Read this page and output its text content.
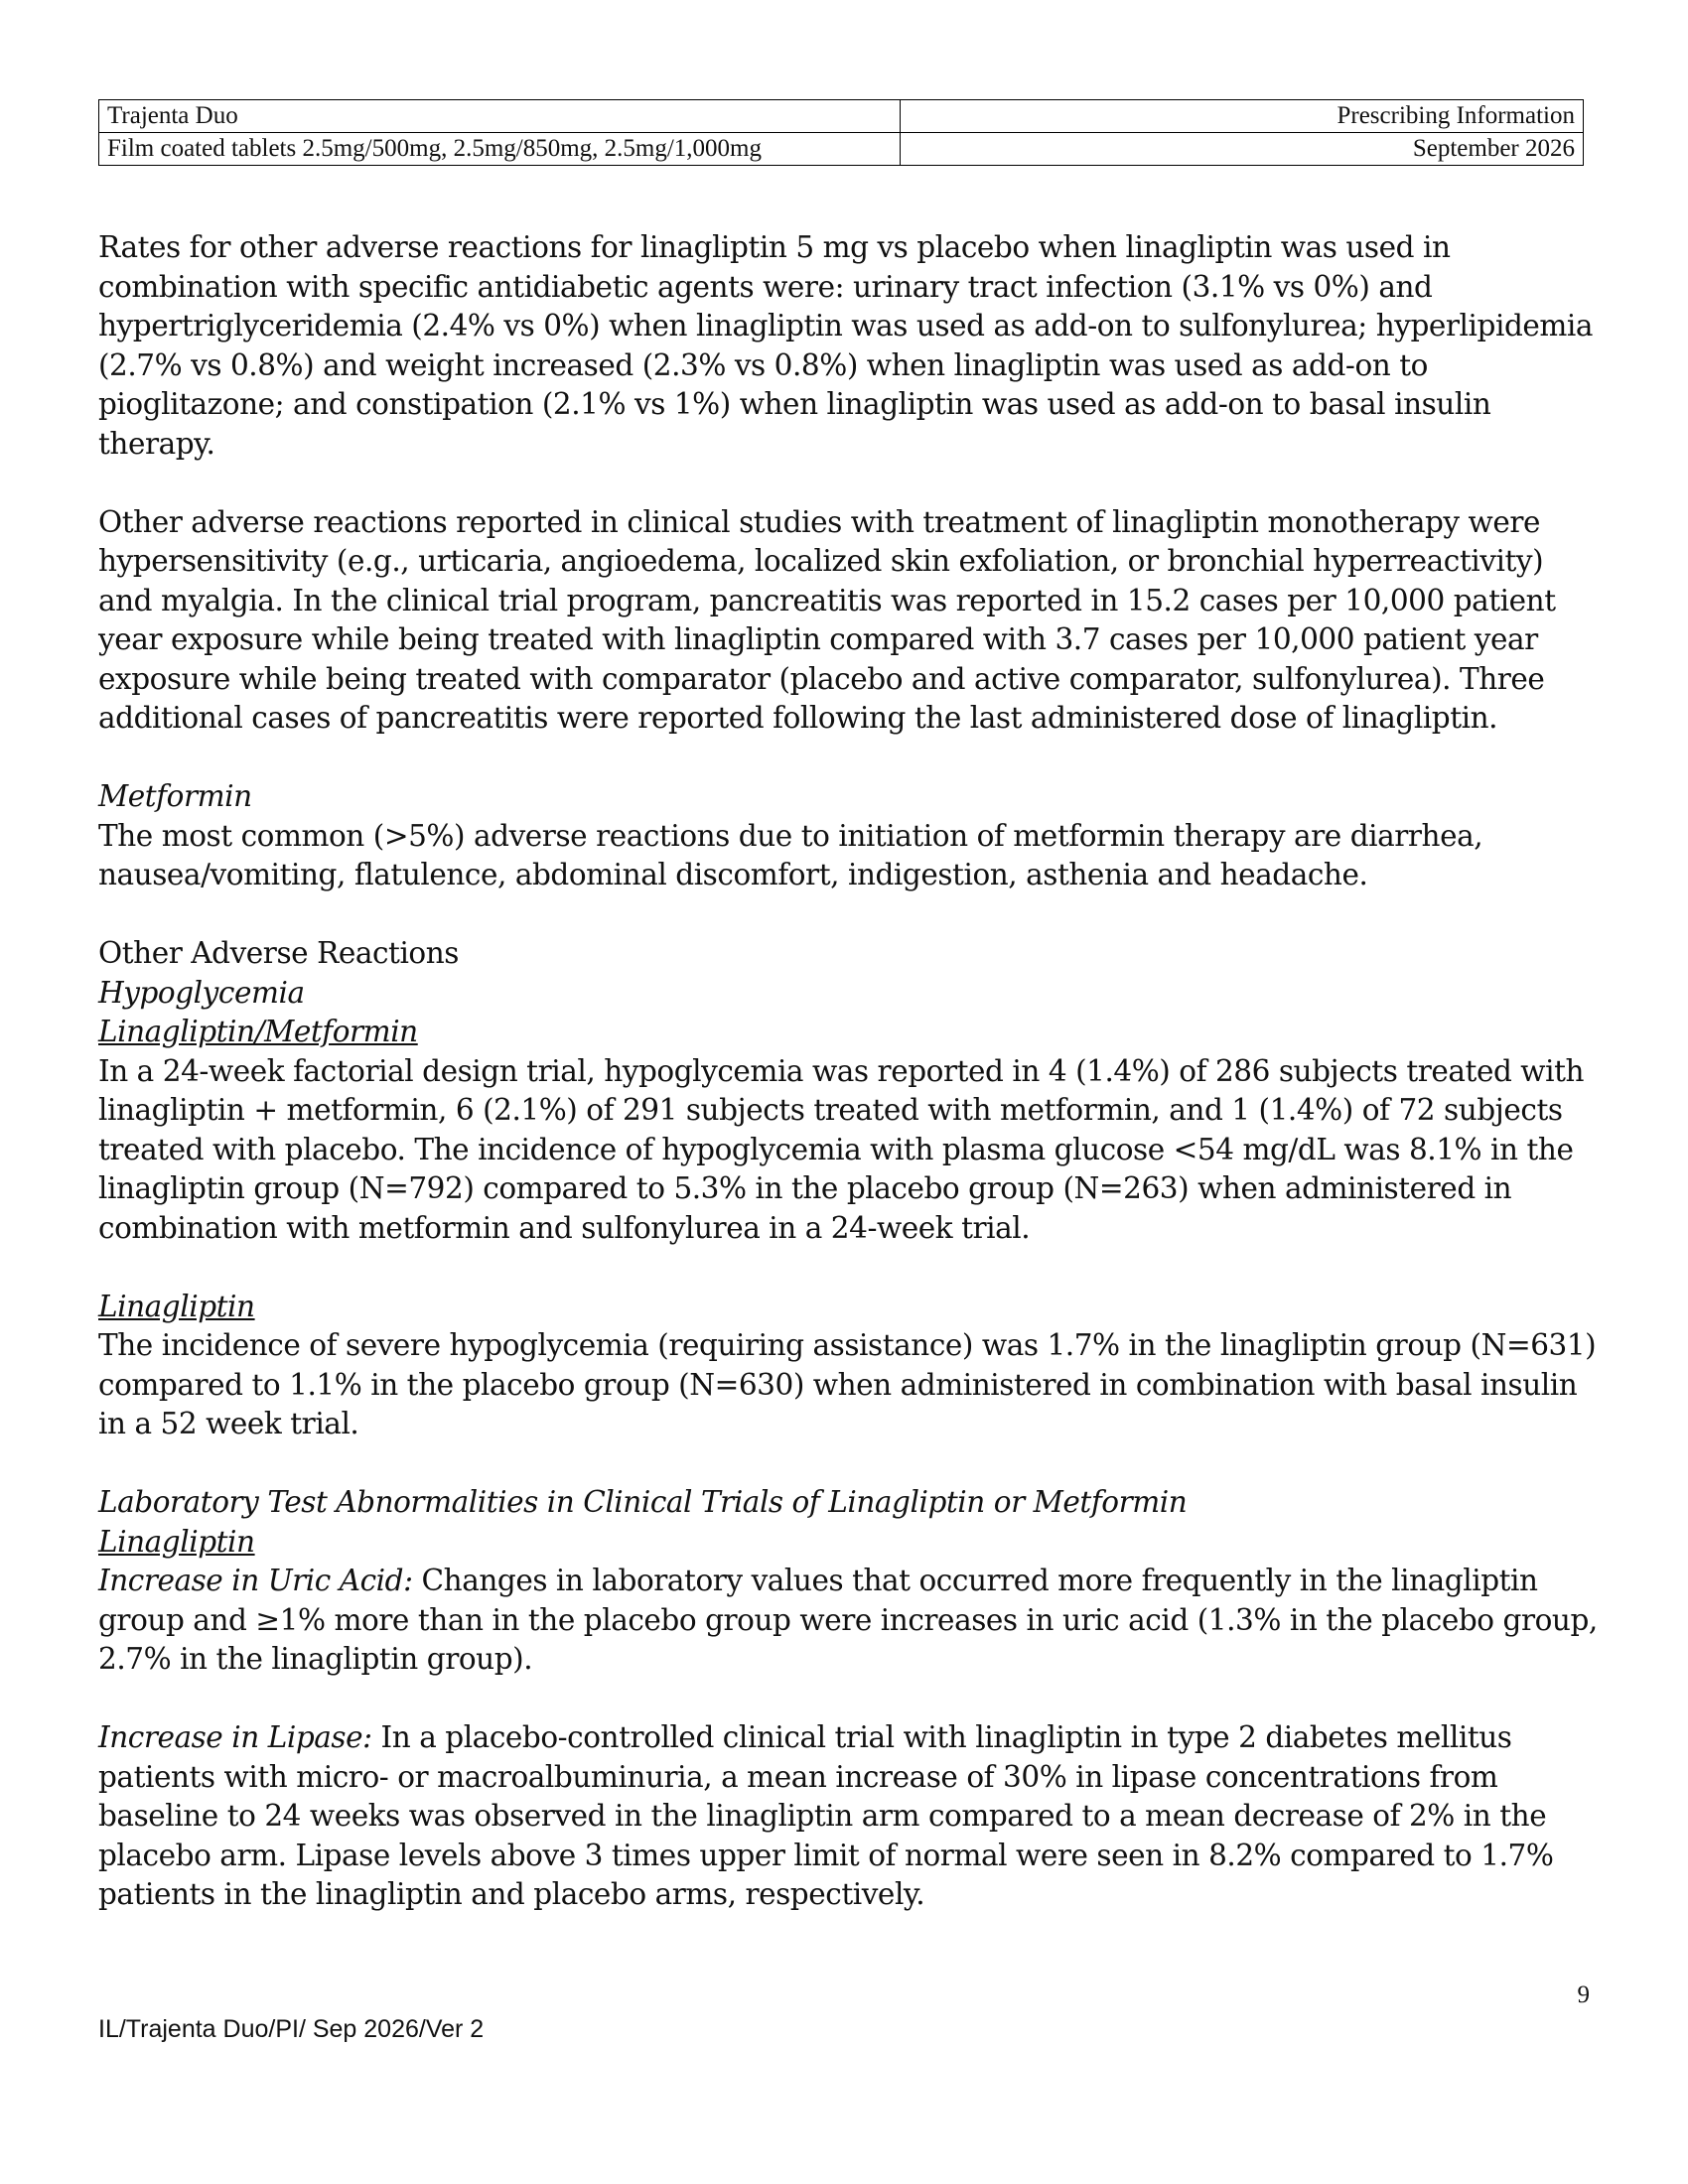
Trajenta Duo	Prescribing Information
Film coated tablets 2.5mg/500mg, 2.5mg/850mg, 2.5mg/1,000mg	September 2026

Rates for other adverse reactions for linagliptin 5 mg vs placebo when linagliptin was used in combination with specific antidiabetic agents were: urinary tract infection (3.1% vs 0%) and hypertriglyceridemia (2.4% vs 0%) when linagliptin was used as add-on to sulfonylurea; hyperlipidemia (2.7% vs 0.8%) and weight increased (2.3% vs 0.8%) when linagliptin was used as add-on to pioglitazone; and constipation (2.1% vs 1%) when linagliptin was used as add-on to basal insulin therapy.

Other adverse reactions reported in clinical studies with treatment of linagliptin monotherapy were hypersensitivity (e.g., urticaria, angioedema, localized skin exfoliation, or bronchial hyperreactivity) and myalgia. In the clinical trial program, pancreatitis was reported in 15.2 cases per 10,000 patient year exposure while being treated with linagliptin compared with 3.7 cases per 10,000 patient year exposure while being treated with comparator (placebo and active comparator, sulfonylurea). Three additional cases of pancreatitis were reported following the last administered dose of linagliptin.

Metformin
The most common (>5%) adverse reactions due to initiation of metformin therapy are diarrhea, nausea/vomiting, flatulence, abdominal discomfort, indigestion, asthenia and headache.
Other Adverse Reactions
Hypoglycemia
Linagliptin/Metformin
In a 24-week factorial design trial, hypoglycemia was reported in 4 (1.4%) of 286 subjects treated with linagliptin + metformin, 6 (2.1%) of 291 subjects treated with metformin, and 1 (1.4%) of 72 subjects treated with placebo. The incidence of hypoglycemia with plasma glucose <54 mg/dL was 8.1% in the linagliptin group (N=792) compared to 5.3% in the placebo group (N=263) when administered in combination with metformin and sulfonylurea in a 24-week trial.
Linagliptin
The incidence of severe hypoglycemia (requiring assistance) was 1.7% in the linagliptin group (N=631) compared to 1.1% in the placebo group (N=630) when administered in combination with basal insulin in a 52 week trial.
Laboratory Test Abnormalities in Clinical Trials of Linagliptin or Metformin
Linagliptin
Increase in Uric Acid: Changes in laboratory values that occurred more frequently in the linagliptin group and ≥1% more than in the placebo group were increases in uric acid (1.3% in the placebo group, 2.7% in the linagliptin group).
Increase in Lipase: In a placebo-controlled clinical trial with linagliptin in type 2 diabetes mellitus patients with micro- or macroalbuminuria, a mean increase of 30% in lipase concentrations from baseline to 24 weeks was observed in the linagliptin arm compared to a mean decrease of 2% in the placebo arm. Lipase levels above 3 times upper limit of normal were seen in 8.2% compared to 1.7% patients in the linagliptin and placebo arms, respectively.
9
IL/Trajenta Duo/PI/ Sep 2026/Ver 2
